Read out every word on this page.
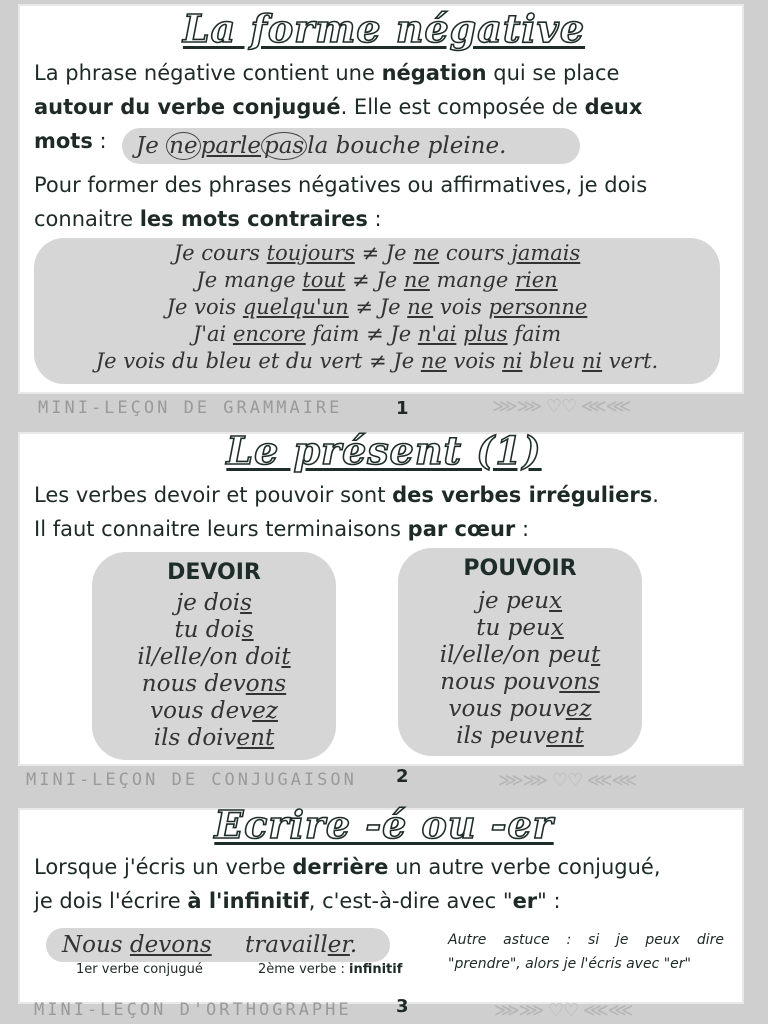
La forme négative
La phrase négative contient une négation qui se place
autour du verbe conjugué. Elle est composée de deux
mots :	Je ne parle pas la bouche pleine.
Pour former des phrases négatives ou affirmatives, je dois
connaitre les mots contraires :
Je cours toujours ≠ Je ne cours jamais
Je mange tout ≠ Je ne mange rien
Je vois quelqu'un ≠ Je ne vois personne
J'ai encore faim ≠ Je n'ai plus faim
Je vois du bleu et du vert ≠ Je ne vois ni bleu ni vert.
MINI-LEÇON DE GRAMMAIRE	1	⋙⋙ ♡♡ ⋘⋘
Le présent (1)
Les verbes devoir et pouvoir sont des verbes irréguliers.
Il faut connaitre leurs terminaisons par cœur :
DEVOIR
je dois
tu dois
il/elle/on doit
nous devons
vous devez
ils doivent
POUVOIR
je peux
tu peux
il/elle/on peut
nous pouvons
vous pouvez
ils peuvent
MINI-LEÇON DE CONJUGAISON 2	⋙⋙ ♡♡ ⋘⋘
Ecrire -é ou -er
Lorsque j'écris un verbe derrière un autre verbe conjugué,
je dois l'écrire à l'infinitif, c'est-à-dire avec "er" :
Nous devons travailler.
1er verbe conjugué	2ème verbe : infinitif
Autre astuce : si je peux dire "prendre", alors je l'écris avec "er"
MINI-LEÇON D'ORTHOGRAPHE 3	⋙⋙ ♡♡ ⋘⋘
